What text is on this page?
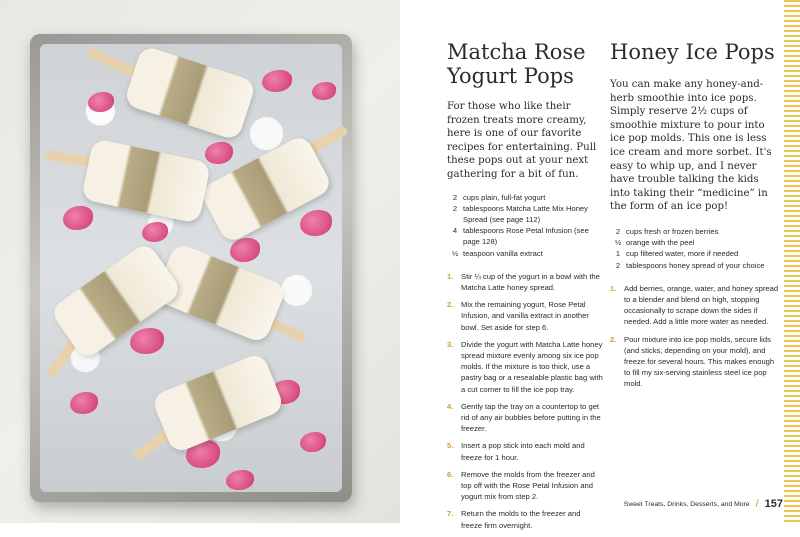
Matcha Rose
Yogurt Pops

For those who like their frozen treats more creamy, here is one of our favorite recipes for entertaining. Pull these pops out at your next gathering for a bit of fun.

2 cups plain, full-fat yogurt
2 tablespoons Matcha Latte Mix Honey Spread (see page 112)
4 tablespoons Rose Petal Infusion (see page 128)
½ teaspoon vanilla extract
1.	Stir ¼ cup of the yogurt in a bowl with the Matcha Latte honey spread.
2.	Mix the remaining yogurt, Rose Petal Infusion, and vanilla extract in another bowl. Set aside for step 6.
3.	Divide the yogurt with Matcha Latte honey spread mixture evenly among six ice pop molds. If the mixture is too thick, use a pastry bag or a resealable plastic bag with a cut corner to fill the ice pop tray.
4.	Gently tap the tray on a countertop to get rid of any air bubbles before putting in the freezer.
5.	Insert a pop stick into each mold and freeze for 1 hour.
6.	Remove the molds from the freezer and top off with the Rose Petal Infusion and yogurt mix from step 2.
7.	Return the molds to the freezer and freeze firm overnight.
Honey Ice Pops

You can make any honey-and-herb smoothie into ice pops. Simply reserve 2½ cups of smoothie mixture to pour into ice pop molds. This one is less ice cream and more sorbet. It's easy to whip up, and I never have trouble talking the kids into taking their “medicine” in the form of an ice pop!

2 cups fresh or frozen berries
½ orange with the peel
1 cup filtered water, more if needed
2 tablespoons honey spread of your choice
1.	Add berries, orange, water, and honey spread to a blender and blend on high, stopping occasionally to scrape down the sides if needed. Add a little more water as needed.
2.	Pour mixture into ice pop molds, secure lids (and sticks, depending on your mold), and freeze for several hours. This makes enough to fill my six-serving stainless steel ice pop mold.
Sweet Treats, Drinks, Desserts, and More / 157
